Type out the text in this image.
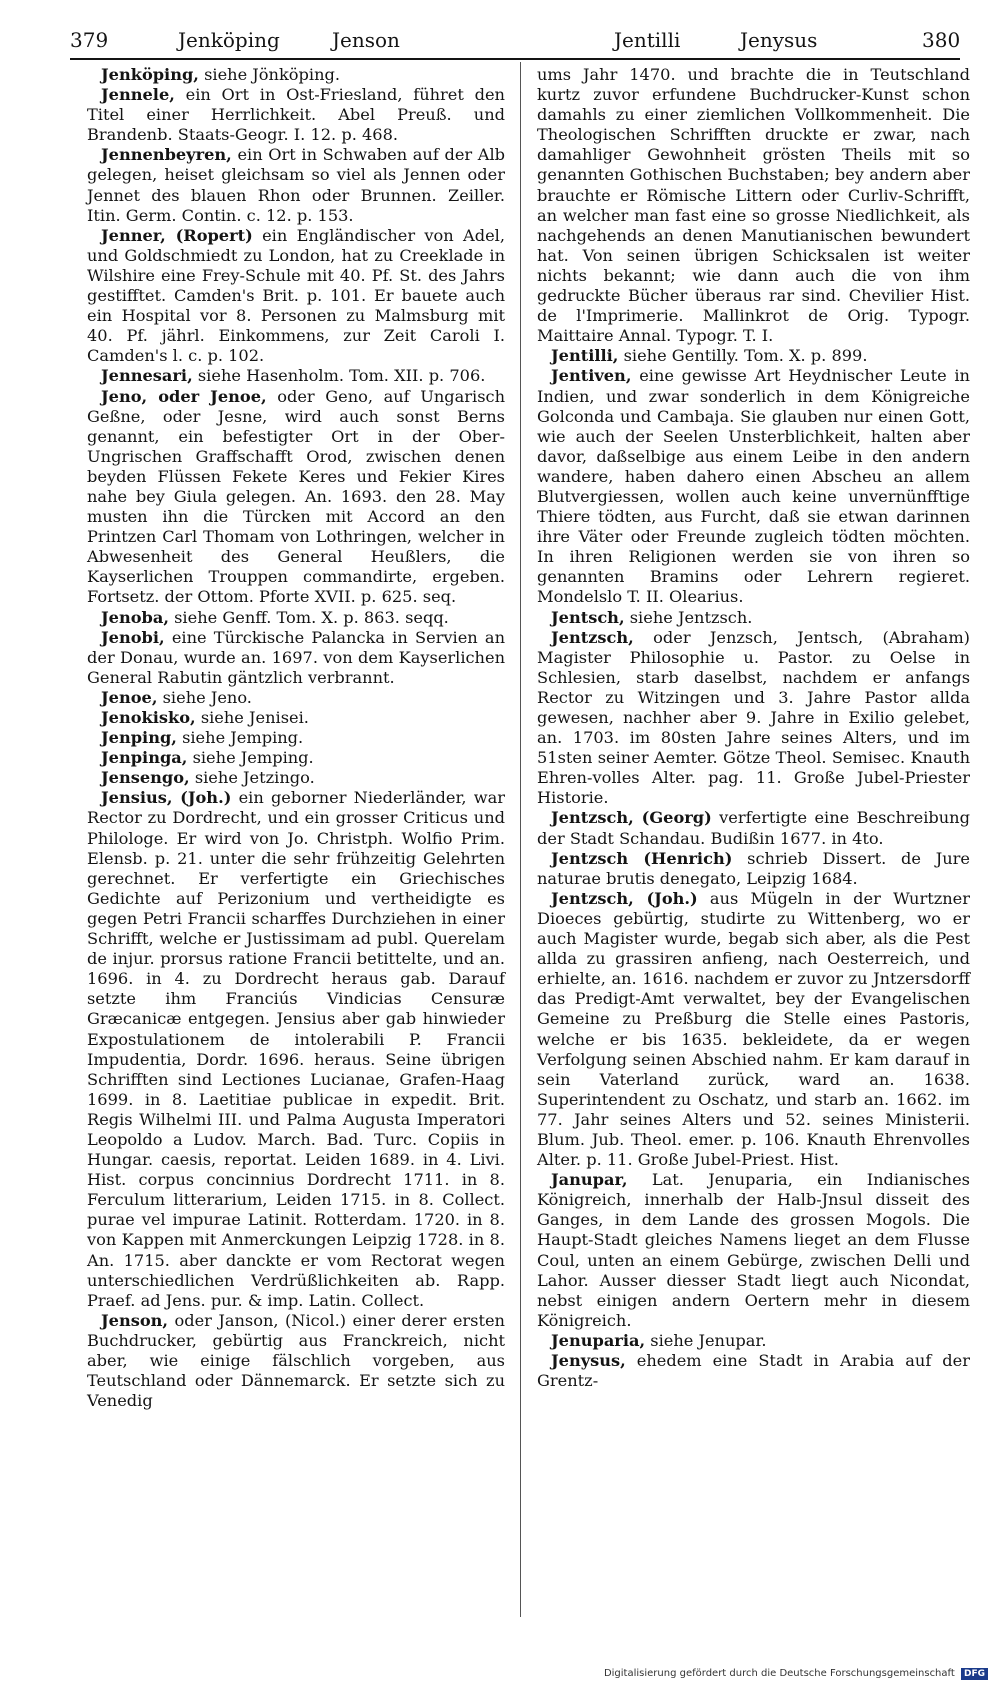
379	Jenköping	Jenson	Jentilli	Jenysus	380

Jenköping, siehe Jönköping.

Jennele, ein Ort in Ost-Friesland, führet den Titel einer Herrlichkeit. Abel Preuß. und Brandenb. Staats-Geogr. I. 12. p. 468.

Jennenbeyren, ein Ort in Schwaben auf der Alb gelegen, heiset gleichsam so viel als Jennen oder Jennet des blauen Rhon oder Brunnen. Zeiller. Itin. Germ. Contin. c. 12. p. 153.

Jenner, (Ropert) ein Engländischer von Adel, und Goldschmiedt zu London, hat zu Creeklade in Wilshire eine Frey-Schule mit 40. Pf. St. des Jahrs gestifftet. Camden's Brit. p. 101. Er bauete auch ein Hospital vor 8. Personen zu Malmsburg mit 40. Pf. jährl. Einkommens, zur Zeit Caroli I. Camden's l. c. p. 102.

Jennesari, siehe Hasenholm. Tom. XII. p. 706.

Jeno, oder Jenoe, oder Geno, auf Ungarisch Geßne, oder Jesne, wird auch sonst Berns genannt, ein befestigter Ort in der Ober-Ungrischen Graffschafft Orod, zwischen denen beyden Flüssen Fekete Keres und Fekier Kires nahe bey Giula gelegen. An. 1693. den 28. May musten ihn die Türcken mit Accord an den Printzen Carl Thomam von Lothringen, welcher in Abwesenheit des General Heußlers, die Kayserlichen Trouppen commandirte, ergeben. Fortsetz. der Ottom. Pforte XVII. p. 625. seq.

Jenoba, siehe Genff. Tom. X. p. 863. seqq.

Jenobi, eine Türckische Palancka in Servien an der Donau, wurde an. 1697. von dem Kayserlichen General Rabutin gäntzlich verbrannt.

Jenoe, siehe Jeno.

Jenokisko, siehe Jenisei.

Jenping, siehe Jemping.

Jenpinga, siehe Jemping.

Jensengo, siehe Jetzingo.

Jensius, (Joh.) ein geborner Niederländer, war Rector zu Dordrecht, und ein grosser Criticus und Philologe. Er wird von Jo. Christph. Wolfio Prim. Elensb. p. 21. unter die sehr frühzeitig Gelehrten gerechnet. Er verfertigte ein Griechisches Gedichte auf Perizonium und vertheidigte es gegen Petri Francii scharffes Durchziehen in einer Schrifft, welche er Justissimam ad publ. Querelam de injur. prorsus ratione Francii betittelte, und an. 1696. in 4. zu Dordrecht heraus gab. Darauf setzte ihm Franciús Vindicias Censuræ Græcanicæ entgegen. Jensius aber gab hinwieder Expostulationem de intolerabili P. Francii Impudentia, Dordr. 1696. heraus. Seine übrigen Schrifften sind Lectiones Lucianae, Grafen-Haag 1699. in 8. Laetitiae publicae in expedit. Brit. Regis Wilhelmi III. und Palma Augusta Imperatori Leopoldo a Ludov. March. Bad. Turc. Copiis in Hungar. caesis, reportat. Leiden 1689. in 4. Livi. Hist. corpus concinnius Dordrecht 1711. in 8. Ferculum litterarium, Leiden 1715. in 8. Collect. purae vel impurae Latinit. Rotterdam. 1720. in 8. von Kappen mit Anmerckungen Leipzig 1728. in 8. An. 1715. aber danckte er vom Rectorat wegen unterschiedlichen Verdrüßlichkeiten ab. Rapp. Praef. ad Jens. pur. & imp. Latin. Collect.

Jenson, oder Janson, (Nicol.) einer derer ersten Buchdrucker, gebürtig aus Franckreich, nicht aber, wie einige fälschlich vorgeben, aus Teutschland oder Dännemarck. Er setzte sich zu Venedig

ums Jahr 1470. und brachte die in Teutschland kurtz zuvor erfundene Buchdrucker-Kunst schon damahls zu einer ziemlichen Vollkommenheit. Die Theologischen Schrifften druckte er zwar, nach damahliger Gewohnheit grösten Theils mit so genannten Gothischen Buchstaben; bey andern aber brauchte er Römische Littern oder Curliv-Schrifft, an welcher man fast eine so grosse Niedlichkeit, als nachgehends an denen Manutianischen bewundert hat. Von seinen übrigen Schicksalen ist weiter nichts bekannt; wie dann auch die von ihm gedruckte Bücher überaus rar sind. Chevilier Hist. de l'Imprimerie. Mallinkrot de Orig. Typogr. Maittaire Annal. Typogr. T. I.

Jentilli, siehe Gentilly. Tom. X. p. 899.

Jentiven, eine gewisse Art Heydnischer Leute in Indien, und zwar sonderlich in dem Königreiche Golconda und Cambaja. Sie glauben nur einen Gott, wie auch der Seelen Unsterblichkeit, halten aber davor, daßselbige aus einem Leibe in den andern wandere, haben dahero einen Abscheu an allem Blutvergiessen, wollen auch keine unvernünfftige Thiere tödten, aus Furcht, daß sie etwan darinnen ihre Väter oder Freunde zugleich tödten möchten. In ihren Religionen werden sie von ihren so genannten Bramins oder Lehrern regieret. Mondelslo T. II. Olearius.

Jentsch, siehe Jentzsch.

Jentzsch, oder Jenzsch, Jentsch, (Abraham) Magister Philosophie u. Pastor. zu Oelse in Schlesien, starb daselbst, nachdem er anfangs Rector zu Witzingen und 3. Jahre Pastor allda gewesen, nachher aber 9. Jahre in Exilio gelebet, an. 1703. im 80sten Jahre seines Alters, und im 51sten seiner Aemter. Götze Theol. Semisec. Knauth Ehren-volles Alter. pag. 11. Große Jubel-Priester Historie.

Jentzsch, (Georg) verfertigte eine Beschreibung der Stadt Schandau. Budißin 1677. in 4to.

Jentzsch (Henrich) schrieb Dissert. de Jure naturae brutis denegato, Leipzig 1684.

Jentzsch, (Joh.) aus Mügeln in der Wurtzner Dioeces gebürtig, studirte zu Wittenberg, wo er auch Magister wurde, begab sich aber, als die Pest allda zu grassiren anfieng, nach Oesterreich, und erhielte, an. 1616. nachdem er zuvor zu Jntzersdorff das Predigt-Amt verwaltet, bey der Evangelischen Gemeine zu Preßburg die Stelle eines Pastoris, welche er bis 1635. bekleidete, da er wegen Verfolgung seinen Abschied nahm. Er kam darauf in sein Vaterland zurück, ward an. 1638. Superintendent zu Oschatz, und starb an. 1662. im 77. Jahr seines Alters und 52. seines Ministerii. Blum. Jub. Theol. emer. p. 106. Knauth Ehrenvolles Alter. p. 11. Große Jubel-Priest. Hist.

Janupar, Lat. Jenuparia, ein Indianisches Königreich, innerhalb der Halb-Jnsul disseit des Ganges, in dem Lande des grossen Mogols. Die Haupt-Stadt gleiches Namens lieget an dem Flusse Coul, unten an einem Gebürge, zwischen Delli und Lahor. Ausser diesser Stadt liegt auch Nicondat, nebst einigen andern Oertern mehr in diesem Königreich.

Jenuparia, siehe Jenupar.

Jenysus, ehedem eine Stadt in Arabia auf der Grentz-

Digitalisierung gefördert durch die Deutsche Forschungsgemeinschaft DFG
